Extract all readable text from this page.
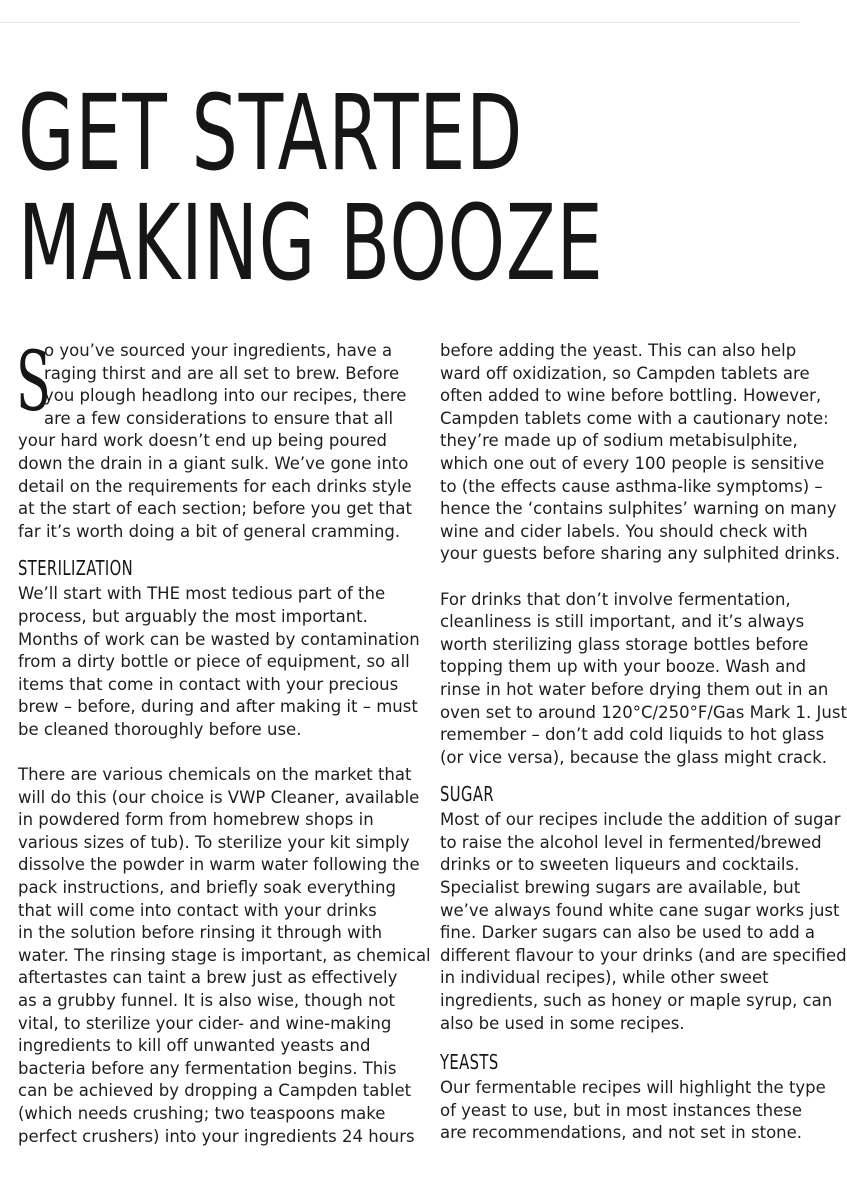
GET STARTED
MAKING BOOZE
S
o you’ve sourced your ingredients, have a
raging thirst and are all set to brew. Before
you plough headlong into our recipes, there
are a few considerations to ensure that all
your hard work doesn’t end up being poured
down the drain in a giant sulk. We’ve gone into
detail on the requirements for each drinks style
at the start of each section; before you get that
far it’s worth doing a bit of general cramming.
STERILIZATION
We’ll start with THE most tedious part of the
process, but arguably the most important.
Months of work can be wasted by contamination
from a dirty bottle or piece of equipment, so all
items that come in contact with your precious
brew – before, during and after making it – must
be cleaned thoroughly before use.
There are various chemicals on the market that
will do this (our choice is VWP Cleaner, available
in powdered form from homebrew shops in
various sizes of tub). To sterilize your kit simply
dissolve the powder in warm water following the
pack instructions, and briefly soak everything
that will come into contact with your drinks
in the solution before rinsing it through with
water. The rinsing stage is important, as chemical
aftertastes can taint a brew just as effectively
as a grubby funnel. It is also wise, though not
vital, to sterilize your cider- and wine-making
ingredients to kill off unwanted yeasts and
bacteria before any fermentation begins. This
can be achieved by dropping a Campden tablet
(which needs crushing; two teaspoons make
perfect crushers) into your ingredients 24 hours
before adding the yeast. This can also help
ward off oxidization, so Campden tablets are
often added to wine before bottling. However,
Campden tablets come with a cautionary note:
they’re made up of sodium metabisulphite,
which one out of every 100 people is sensitive
to (the effects cause asthma-like symptoms) –
hence the ‘contains sulphites’ warning on many
wine and cider labels. You should check with
your guests before sharing any sulphited drinks.
For drinks that don’t involve fermentation,
cleanliness is still important, and it’s always
worth sterilizing glass storage bottles before
topping them up with your booze. Wash and
rinse in hot water before drying them out in an
oven set to around 120°C/250°F/Gas Mark 1. Just
remember – don’t add cold liquids to hot glass
(or vice versa), because the glass might crack.
SUGAR
Most of our recipes include the addition of sugar
to raise the alcohol level in fermented/brewed
drinks or to sweeten liqueurs and cocktails.
Specialist brewing sugars are available, but
we’ve always found white cane sugar works just
fine. Darker sugars can also be used to add a
different flavour to your drinks (and are specified
in individual recipes), while other sweet
ingredients, such as honey or maple syrup, can
also be used in some recipes.
YEASTS
Our fermentable recipes will highlight the type
of yeast to use, but in most instances these
are recommendations, and not set in stone.
